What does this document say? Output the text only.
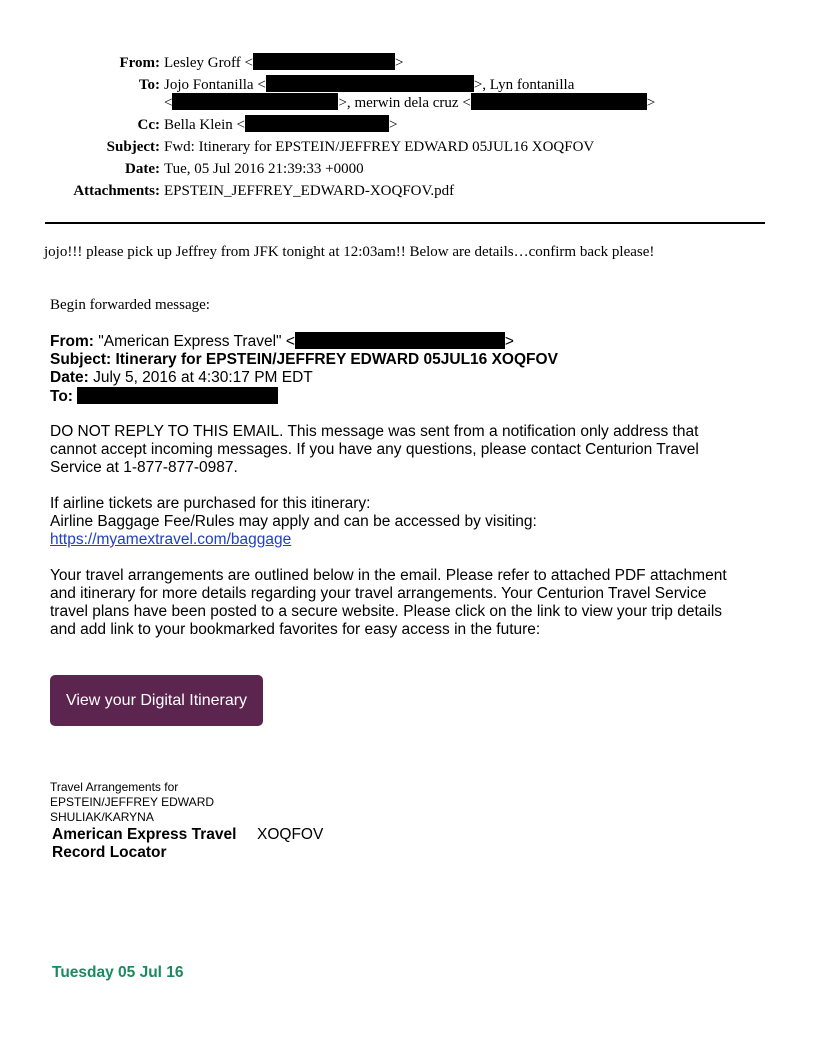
From: Lesley Groff <	>
To: Jojo Fontanilla <	>, Lyn fontanilla
<	>, merwin dela cruz <	>
Cc: Bella Klein <	>
Subject: Fwd: Itinerary for EPSTEIN/JEFFREY EDWARD 05JUL16 XOQFOV
Date: Tue, 05 Jul 2016 21:39:33 +0000
Attachments: EPSTEIN_JEFFREY_EDWARD-XOQFOV.pdf
jojo!!! please pick up Jeffrey from JFK tonight at 12:03am!! Below are details…confirm back please!
Begin forwarded message:
From: "American Express Travel" <	>
Subject: Itinerary for EPSTEIN/JEFFREY EDWARD 05JUL16 XOQFOV
Date: July 5, 2016 at 4:30:17 PM EDT
To:
DO NOT REPLY TO THIS EMAIL. This message was sent from a notification only address that
cannot accept incoming messages. If you have any questions, please contact Centurion Travel
Service at 1-877-877-0987.
If airline tickets are purchased for this itinerary:
Airline Baggage Fee/Rules may apply and can be accessed by visiting:
https://myamextravel.com/baggage
Your travel arrangements are outlined below in the email. Please refer to attached PDF attachment
and itinerary for more details regarding your travel arrangements. Your Centurion Travel Service
travel plans have been posted to a secure website. Please click on the link to view your trip details
and add link to your bookmarked favorites for easy access in the future:
View your Digital Itinerary
Travel Arrangements for
EPSTEIN/JEFFREY EDWARD
SHULIAK/KARYNA
American Express Travel XOQFOV
Record Locator
Tuesday 05 Jul 16
